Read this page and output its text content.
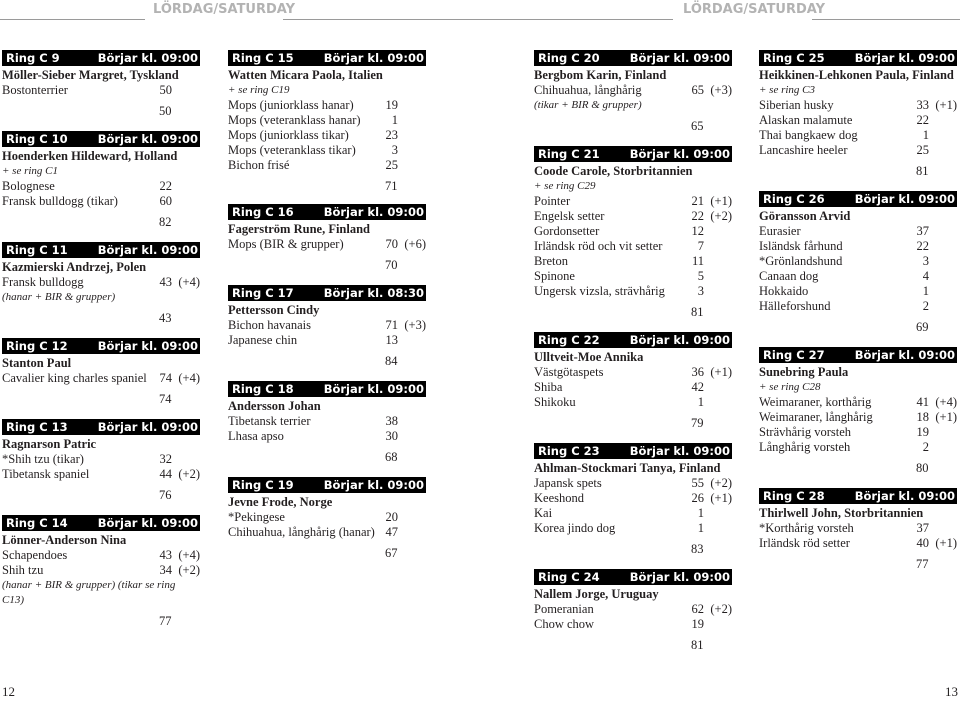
LÖRDAG/SATURDAY	LÖRDAG/SATURDAY
Ring C 9	Börjar kl. 09:00
Möller-Sieber Margret, Tyskland
Bostonterrier	50
50
Ring C 10	Börjar kl. 09:00
Hoenderken Hildeward, Holland
+ se ring C1
Bolognese	22
Fransk bulldogg (tikar)	60
82
Ring C 11	Börjar kl. 09:00
Kazmierski Andrzej, Polen
Fransk bulldogg	43 (+4)
(hanar + BIR & grupper)
43
Ring C 12	Börjar kl. 09:00
Stanton Paul
Cavalier king charles spaniel	74 (+4)
74
Ring C 13	Börjar kl. 09:00
Ragnarson Patric
*Shih tzu (tikar)	32
Tibetansk spaniel	44 (+2)
76
Ring C 14	Börjar kl. 09:00
Lönner-Anderson Nina
Schapendoes	43 (+4)
Shih tzu	34 (+2)
(hanar + BIR & grupper) (tikar se ring C13)
77
Ring C 15	Börjar kl. 09:00
Watten Micara Paola, Italien
+ se ring C19
Mops (juniorklass hanar)	19
Mops (veteranklass hanar)	1
Mops (juniorklass tikar)	23
Mops (veteranklass tikar)	3
Bichon frisé	25
71
Ring C 16	Börjar kl. 09:00
Fagerström Rune, Finland
Mops (BIR & grupper)	70 (+6)
70
Ring C 17	Börjar kl. 08:30
Pettersson Cindy
Bichon havanais	71 (+3)
Japanese chin	13
84
Ring C 18	Börjar kl. 09:00
Andersson Johan
Tibetansk terrier	38
Lhasa apso	30
68
Ring C 19	Börjar kl. 09:00
Jevne Frode, Norge
*Pekingese	20
Chihuahua, långhårig (hanar) 47
67
Ring C 20	Börjar kl. 09:00
Bergbom Karin, Finland
Chihuahua, långhårig	65 (+3)
(tikar + BIR & grupper)
65
Ring C 21	Börjar kl. 09:00
Coode Carole, Storbritannien
+ se ring C29
Pointer	21 (+1)
Engelsk setter	22 (+2)
Gordonsetter	12
Irländsk röd och vit setter	7
Breton	11
Spinone	5
Ungersk vizsla, strävhårig	3
81
Ring C 22	Börjar kl. 09:00
Ulltveit-Moe Annika
Västgötaspets	36 (+1)
Shiba	42
Shikoku	1
79
Ring C 23	Börjar kl. 09:00
Ahlman-Stockmari Tanya, Finland
Japansk spets	55 (+2)
Keeshond	26 (+1)
Kai	1
Korea jindo dog	1
83
Ring C 24	Börjar kl. 09:00
Nallem Jorge, Uruguay
Pomeranian	62 (+2)
Chow chow	19
81
Ring C 25	Börjar kl. 09:00
Heikkinen-Lehkonen Paula, Finland
+ se ring C3
Siberian husky	33 (+1)
Alaskan malamute	22
Thai bangkaew dog	1
Lancashire heeler	25
81
Ring C 26	Börjar kl. 09:00
Göransson Arvid
Eurasier	37
Isländsk fårhund	22
*Grönlandshund	3
Canaan dog	4
Hokkaido	1
Hälleforshund	2
69
Ring C 27	Börjar kl. 09:00
Sunebring Paula
+ se ring C28
Weimaraner, korthårig	41 (+4)
Weimaraner, långhårig	18 (+1)
Strävhårig vorsteh	19
Långhårig vorsteh	2
80
Ring C 28	Börjar kl. 09:00
Thirlwell John, Storbritannien
*Korthårig vorsteh	37
Irländsk röd setter	40 (+1)
77
12	13
